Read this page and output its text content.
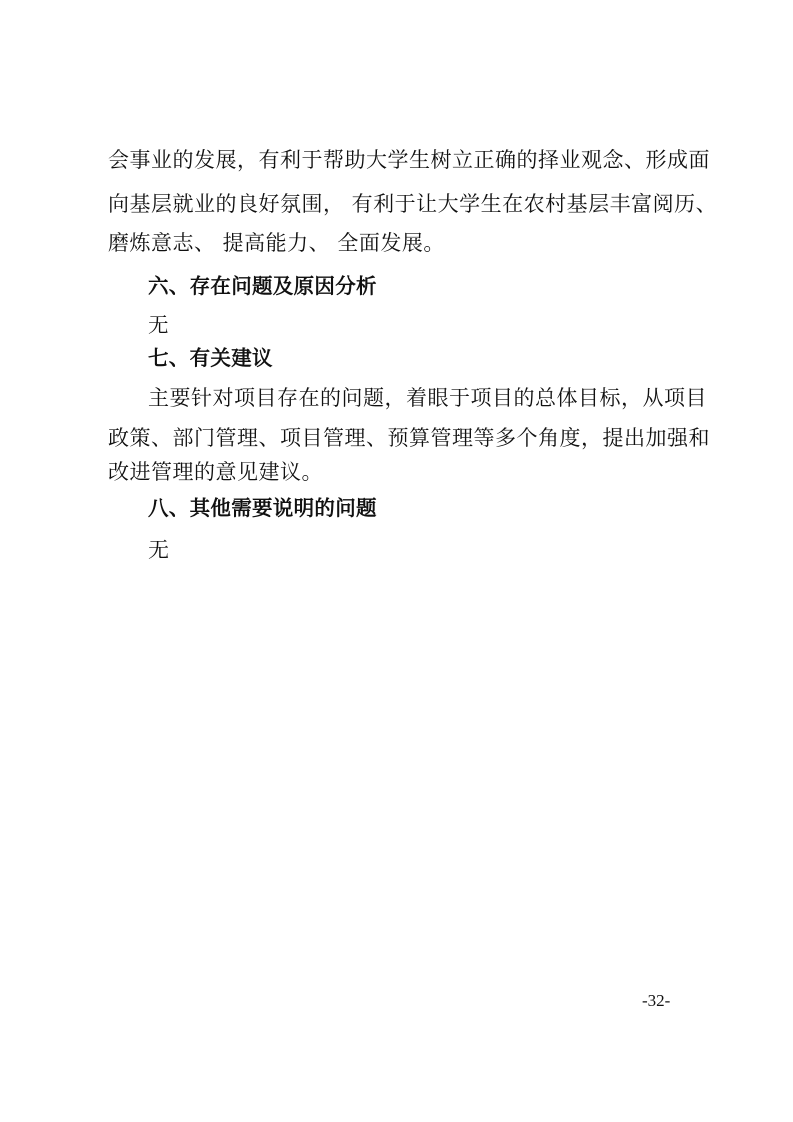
会事业的发展，有利于帮助大学生树立正确的择业观念、形成面
向基层就业的良好氛围， 有利于让大学生在农村基层丰富阅历、
磨炼意志、 提高能力、 全面发展。
六、存在问题及原因分析
无
七、有关建议
主要针对项目存在的问题，着眼于项目的总体目标，从项目
政策、部门管理、项目管理、预算管理等多个角度，提出加强和
改进管理的意见建议。
八、其他需要说明的问题
无
-32-
